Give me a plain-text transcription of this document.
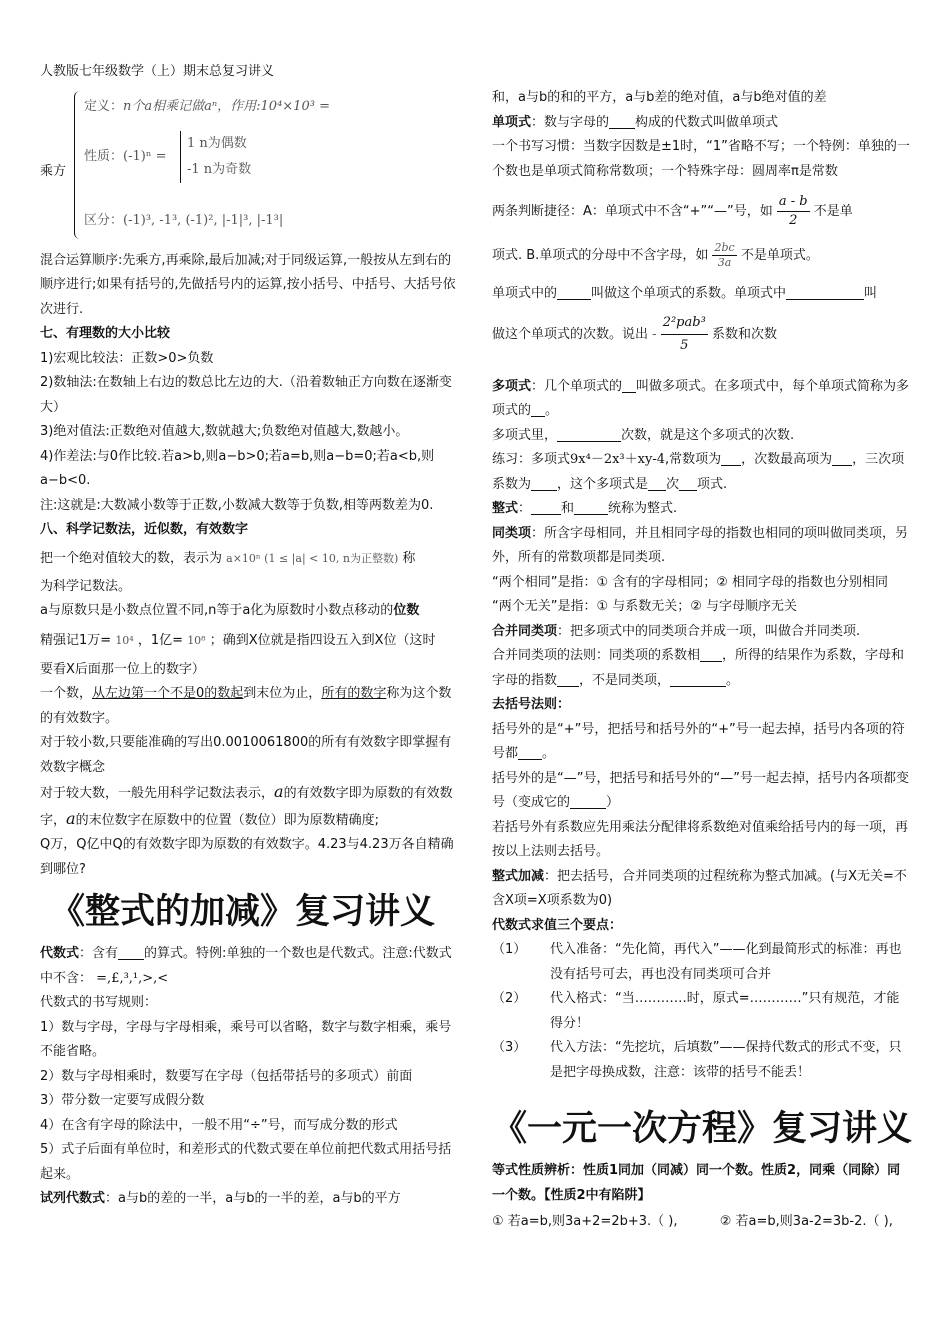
人教版七年级数学（上）期末总复习讲义

乘方
定义：n个a相乘记做aⁿ，作用:10⁴×10³ =
性质：(-1)ⁿ =
1 n为偶数
-1 n为奇数
区分：(-1)³, -1³, (-1)², |-1|³, |-1³|

混合运算顺序:先乘方,再乘除,最后加减;对于同级运算,一般按从左到右的顺序进行;如果有括号的,先做括号内的运算,按小括号、中括号、大括号依次进行.

七、有理数的大小比较

1)宏观比较法：正数>0>负数

2)数轴法:在数轴上右边的数总比左边的大.（沿着数轴正方向数在逐渐变大）

3)绝对值法:正数绝对值越大,数就越大;负数绝对值越大,数越小。

4)作差法:与0作比较.若a>b,则a−b>0;若a=b,则a−b=0;若a<b,则a−b<0.

注:这就是:大数减小数等于正数,小数减大数等于负数,相等两数差为0.

八、科学记数法，近似数，有效数字

把一个绝对值较大的数，表示为 a×10ⁿ (1 ≤ |a| < 10, n为正整数) 称

为科学记数法。

a与原数只是小数点位置不同,n等于a化为原数时小数点移动的位数

精强记1万= 10⁴ ，1亿= 10⁸ ；确到X位就是指四设五入到X位（这时

要看X后面那一位上的数字）

一个数，从左边第一个不是0的数起到末位为止，所有的数字称为这个数的有效数字。

对于较小数,只要能准确的写出0.0010061800的所有有效数字即掌握有效数字概念

对于较大数，一般先用科学记数法表示，a的有效数字即为原数的有效数字，a的末位数字在原数中的位置（数位）即为原数精确度;

Q万，Q亿中Q的有效数字即为原数的有效数字。4.23与4.23万各自精确到哪位?

《整式的加减》复习讲义

代数式：含有 的算式。特例:单独的一个数也是代数式。注意:代数式中不含： =,£,³,¹,>,<

代数式的书写规则：

1）数与字母，字母与字母相乘，乘号可以省略，数字与数字相乘，乘号不能省略。

2）数与字母相乘时，数要写在字母（包括带括号的多项式）前面

3）带分数一定要写成假分数

4）在含有字母的除法中，一般不用“÷”号，而写成分数的形式

5）式子后面有单位时，和差形式的代数式要在单位前把代数式用括号括起来。

试列代数式：a与b的差的一半，a与b的一半的差，a与b的平方

和，a与b的和的平方，a与b差的绝对值，a与b绝对值的差

单项式：数与字母的 构成的代数式叫做单项式

一个书写习惯：当数字因数是±1时，“1”省略不写；一个特例：单独的一个数也是单项式简称常数项；一个特殊字母：圆周率π是常数

两条判断捷径：A：单项式中不含“+”“—”号，如 $\frac{a - b}{2}$ 不是单

项式. B.单项式的分母中不含字母，如 $\frac{2bc}{3a}$ 不是单项式。

单项式中的	叫做这个单项式的系数。单项式中	叫

做这个单项式的次数。说出 - $\frac{\text{2²pab³}}{5}$ 系数和次数

多项式：几个单项式的 叫做多项式。在多项式中，每个单项式简称为多项式的 。

多项式里，	次数，就是这个多项式的次数.

练习：多项式9x⁴－2x³＋xy-4,常数项为 ，次数最高项为 ，三次项系数为 ，这个多项式是 次 项式.

整式： 和	统称为整式.

同类项：所含字母相同，并且相同字母的指数也相同的项叫做同类项，另外，所有的常数项都是同类项.

“两个相同”是指：① 含有的字母相同；② 相同字母的指数也分别相同

“两个无关”是指：① 与系数无关；② 与字母顺序无关

合并同类项：把多项式中的同类项合并成一项，叫做合并同类项.

合并同类项的法则：同类项的系数相 ，所得的结果作为系数，字母和字母的指数 ，不是同类项，	。

去括号法则：

括号外的是“+”号，把括号和括号外的“+”号一起去掉，括号内各项的符号都 。

括号外的是“—”号，把括号和括号外的“—”号一起去掉，括号内各项都变号（变成它的	）

若括号外有系数应先用乘法分配律将系数绝对值乘给括号内的每一项，再按以上法则去括号。

整式加减：把去括号，合并同类项的过程统称为整式加减。(与X无关=不含X项=X项系数为0)

代数式求值三个要点：

（1） 代入准备：“先化简，再代入”——化到最简形式的标准：再也没有括号可去，再也没有同类项可合并

（2） 代入格式：“当…………时，原式=…………”只有规范，才能得分！

（3） 代入方法：“先挖坑，后填数”——保持代数式的形式不变，只是把字母换成数，注意：该带的括号不能丢！

《一元一次方程》复习讲义

等式性质辨析：性质1同加（同减）同一个数。性质2，同乘（同除）同一个数。【性质2中有陷阱】

① 若a=b,则3a+2=2b+3.（ ),	② 若a=b,则3a-2=3b-2.（ ),
